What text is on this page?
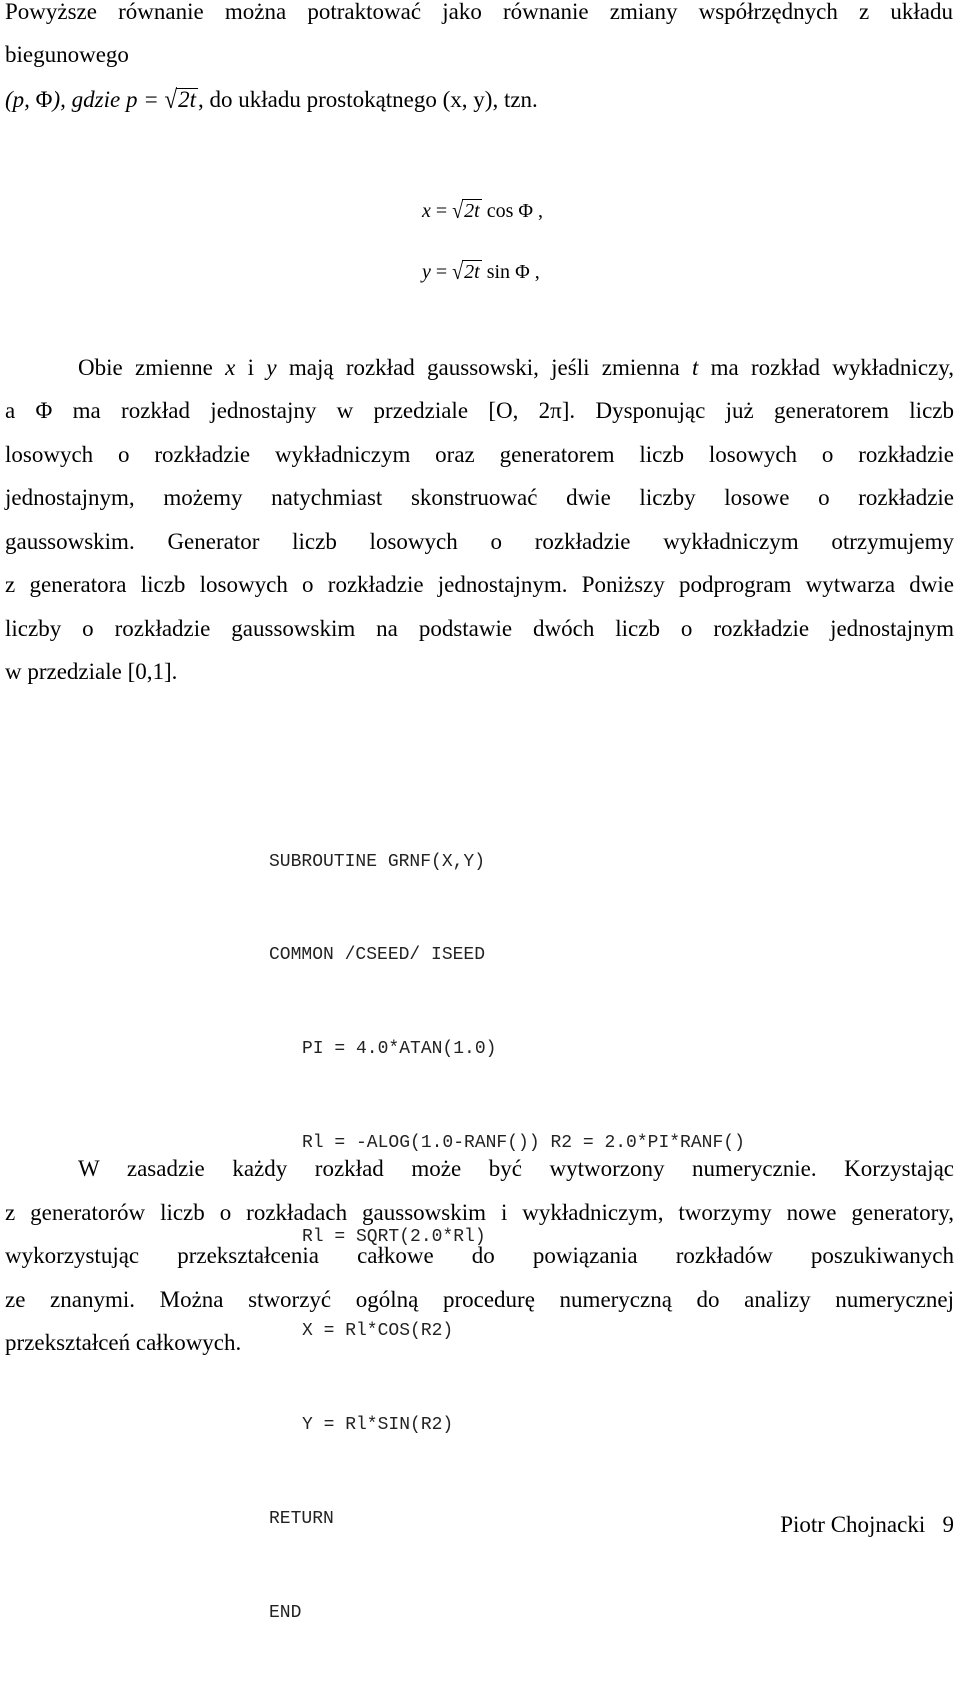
Powyższe równanie można potraktować jako równanie zmiany współrzędnych z układu
biegunowego
(p, Φ), gdzie p = √2t, do układu prostokątnego (x, y), tzn.
x = √2t cos Φ ,
y = √2t sin Φ ,
Obie zmienne x i y mają rozkład gaussowski, jeśli zmienna t ma rozkład wykładniczy,
a Φ ma rozkład jednostajny w przedziale [O, 2π]. Dysponując już generatorem liczb
losowych o rozkładzie wykładniczym oraz generatorem liczb losowych o rozkładzie
jednostajnym, możemy natychmiast skonstruować dwie liczby losowe o rozkładzie
gaussowskim. Generator liczb losowych o rozkładzie wykładniczym otrzymujemy
z generatora liczb losowych o rozkładzie jednostajnym. Poniższy podprogram wytwarza dwie
liczby o rozkładzie gaussowskim na podstawie dwóch liczb o rozkładzie jednostajnym
w przedziale [0,1].

SUBROUTINE GRNF(X,Y)

COMMON /CSEED/ ISEED

PI = 4.0*ATAN(1.0)

Rl = -ALOG(1.0-RANF()) R2 = 2.0*PI*RANF()

Rl = SQRT(2.0*Rl)

X = Rl*COS(R2)

Y = Rl*SIN(R2)

RETURN

END

W zasadzie każdy rozkład może być wytworzony numerycznie. Korzystając
z generatorów liczb o rozkładach gaussowskim i wykładniczym, tworzymy nowe generatory,
wykorzystując przekształcenia całkowe do powiązania rozkładów poszukiwanych
ze znanymi. Można stworzyć ogólną procedurę numeryczną do analizy numerycznej
przekształceń całkowych.
Piotr Chojnacki 9
